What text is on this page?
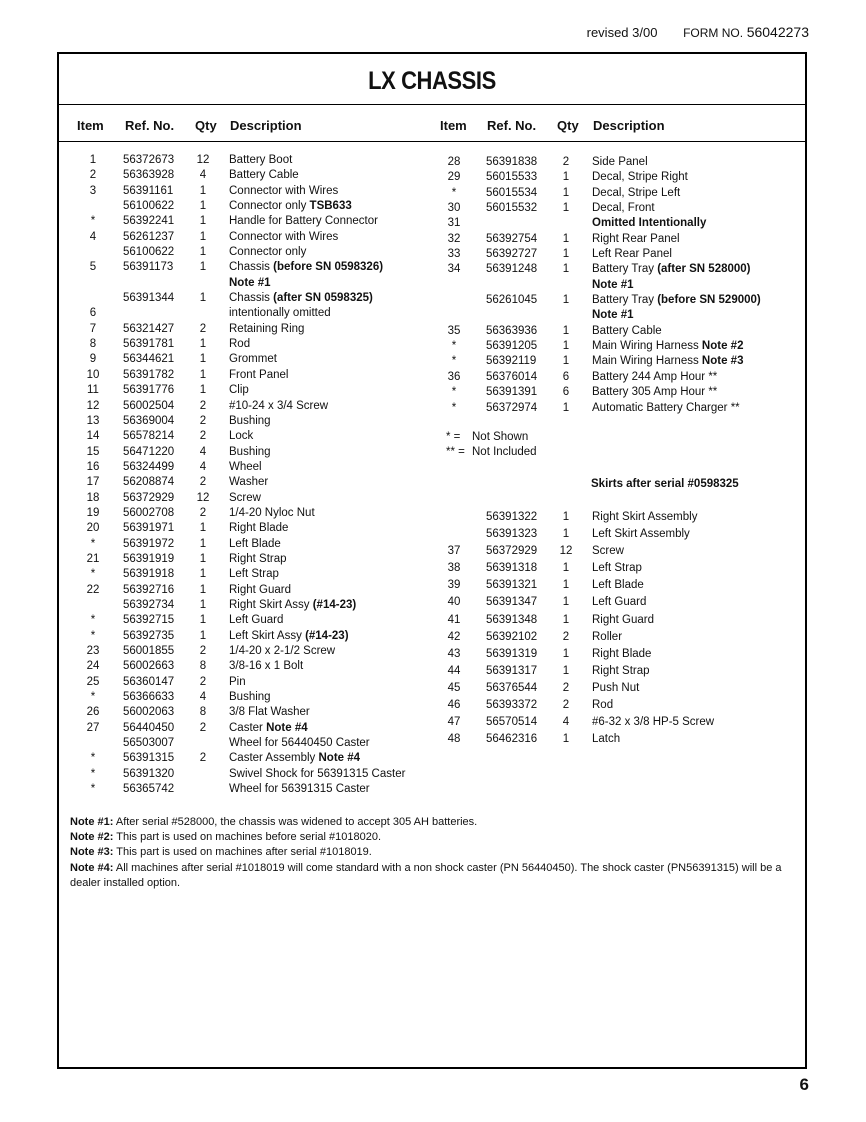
revised 3/00 FORM NO. 56042273
LX CHASSIS
Item Ref. No. Qty Description	Item Ref. No. Qty Description
1	56372673	12	Battery Boot
2	56363928	4	Battery Cable
3	56391161	1	Connector with Wires
56100622	1	Connector only TSB633
*	56392241	1	Handle for Battery Connector
4	56261237	1	Connector with Wires
56100622	1	Connector only
5	56391173	1	Chassis (before SN 0598326)
Note #1
56391344	1	Chassis (after SN 0598325)
6	intentionally omitted
7	56321427	2	Retaining Ring
8	56391781	1	Rod
9	56344621	1	Grommet
10	56391782	1	Front Panel
11	56391776	1	Clip
12	56002504	2	#10-24 x 3/4 Screw
13	56369004	2	Bushing
14	56578214	2	Lock
15	56471220	4	Bushing
16	56324499	4	Wheel
17	56208874	2	Washer
18	56372929	12	Screw
19	56002708	2	1/4-20 Nyloc Nut
20	56391971	1	Right Blade
*	56391972	1	Left Blade
21	56391919	1	Right Strap
*	56391918	1	Left Strap
22	56392716	1	Right Guard
56392734	1	Right Skirt Assy (#14-23)
*	56392715	1	Left Guard
*	56392735	1	Left Skirt Assy (#14-23)
23	56001855	2	1/4-20 x 2-1/2 Screw
24	56002663	8	3/8-16 x 1 Bolt
25	56360147	2	Pin
*	56366633	4	Bushing
26	56002063	8	3/8 Flat Washer
27	56440450	2	Caster Note #4
56503007	Wheel for 56440450 Caster
*	56391315	2	Caster Assembly Note #4
*	56391320	Swivel Shock for 56391315 Caster
*	56365742	Wheel for 56391315 Caster
28	56391838	2	Side Panel
29	56015533	1	Decal, Stripe Right
*	56015534	1	Decal, Stripe Left
30	56015532	1	Decal, Front
31	Omitted Intentionally
32	56392754	1	Right Rear Panel
33	56392727	1	Left Rear Panel
34	56391248	1	Battery Tray (after SN 528000)
Note #1
56261045	1	Battery Tray (before SN 529000)
Note #1
35	56363936	1	Battery Cable
*	56391205	1	Main Wiring Harness Note #2
*	56392119	1	Main Wiring Harness Note #3
36	56376014	6	Battery 244 Amp Hour **
*	56391391	6	Battery 305 Amp Hour **
*	56372974	1	Automatic Battery Charger **
* = Not Shown
** = Not Included
Skirts after serial #0598325
56391322	1	Right Skirt Assembly
56391323	1	Left Skirt Assembly
37	56372929	12	Screw
38	56391318	1	Left Strap
39	56391321	1	Left Blade
40	56391347	1	Left Guard
41	56391348	1	Right Guard
42	56392102	2	Roller
43	56391319	1	Right Blade
44	56391317	1	Right Strap
45	56376544	2	Push Nut
46	56393372	2	Rod
47	56570514	4	#6-32 x 3/8 HP-5 Screw
48	56462316	1	Latch
Note #1: After serial #528000, the chassis was widened to accept 305 AH batteries.
Note #2: This part is used on machines before serial #1018020.
Note #3: This part is used on machines after serial #1018019.
Note #4: All machines after serial #1018019 will come standard with a non shock caster (PN 56440450). The shock caster (PN56391315) will be a dealer installed option.
6
